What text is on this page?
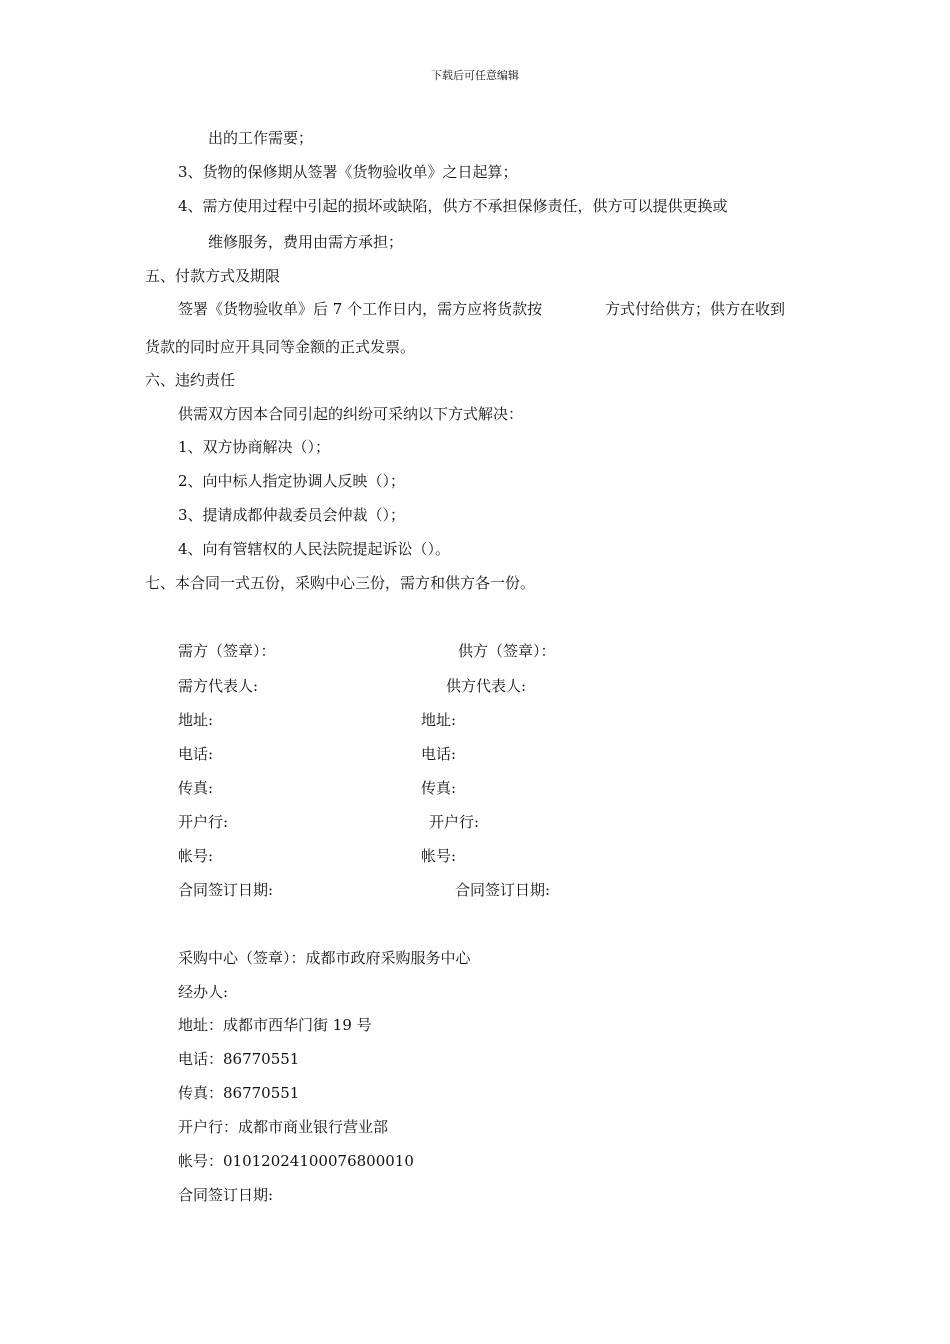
下载后可任意编辑
出的工作需要；
3、货物的保修期从签署《货物验收单》之日起算；
4、需方使用过程中引起的损坏或缺陷，供方不承担保修责任，供方可以提供更换或
维修服务，费用由需方承担；
五、付款方式及期限
签署《货物验收单》后 7 个工作日内，需方应将货款按	方式付给供方；供方在收到
货款的同时应开具同等金额的正式发票。
六、违约责任
供需双方因本合同引起的纠纷可采纳以下方式解决：
1、双方协商解决（）；
2、向中标人指定协调人反映（）；
3、提请成都仲裁委员会仲裁（）；
4、向有管辖权的人民法院提起诉讼（）。
七、本合同一式五份，采购中心三份，需方和供方各一份。
需方（签章）：	供方（签章）：
需方代表人:	供方代表人:
地址:	地址:
电话:	电话:
传真:	传真:
开户行:	开户行:
帐号:	帐号:
合同签订日期:	合同签订日期:
采购中心（签章）：成都市政府采购服务中心
经办人:
地址：成都市西华门街 19 号
电话：86770551
传真：86770551
开户行：成都市商业银行营业部
帐号：01012024100076800010
合同签订日期:
